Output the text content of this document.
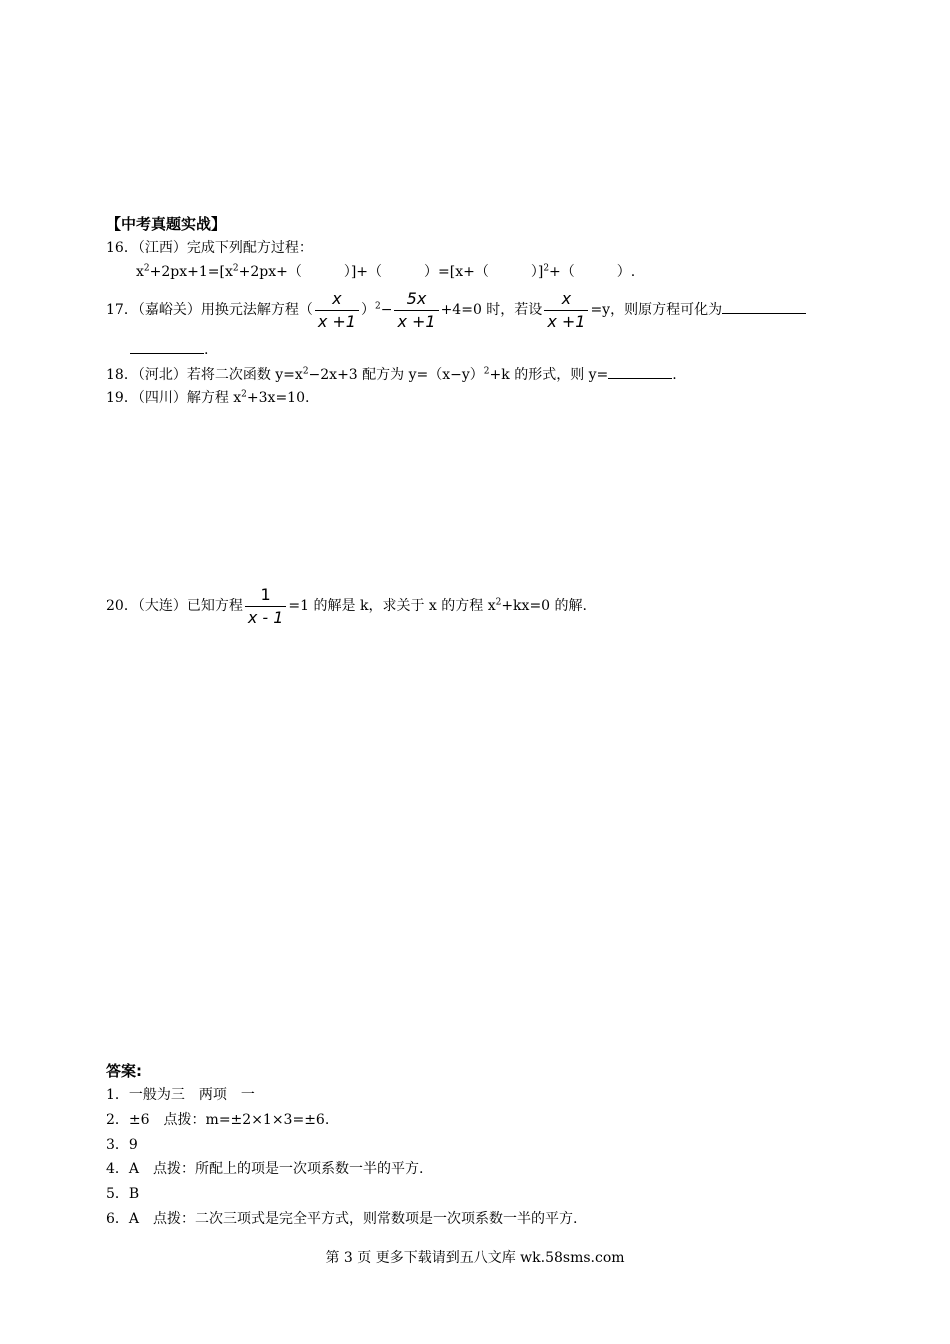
【中考真题实战】
16．（江西）完成下列配方过程：
$x^2+2px+1=[x^2+2px+$（　　　）]+（　　　）=[x+（　　　）]$^2$+（　　　）.
17．（嘉峪关）用换元法解方程（ $\frac{x}{x +1} )^2- \frac{5x}{x +1} +4=0$ 时，若设 $\frac{x}{x +1} =y$，则原方程可化为
.
18．（河北）若将二次函数 $y=x^2-2x+3$ 配方为 $y=(x-y)^2+k$ 的形式，则 y=	.
19．（四川）解方程 $x^2+3x=10$.
20．（大连）已知方程 $\frac{1}{x - 1} =1$ 的解是 k，求关于 x 的方程 $x^2+kx=0$ 的解.
答案:
1．一般为三　两项　一
2．±6　点拨：m=±2×1×3=±6.
3．9
4．A　点拨：所配上的项是一次项系数一半的平方.
5．B
6．A　点拨：二次三项式是完全平方式，则常数项是一次项系数一半的平方.
第 3 页 更多下载请到五八文库 wk.58sms.com
